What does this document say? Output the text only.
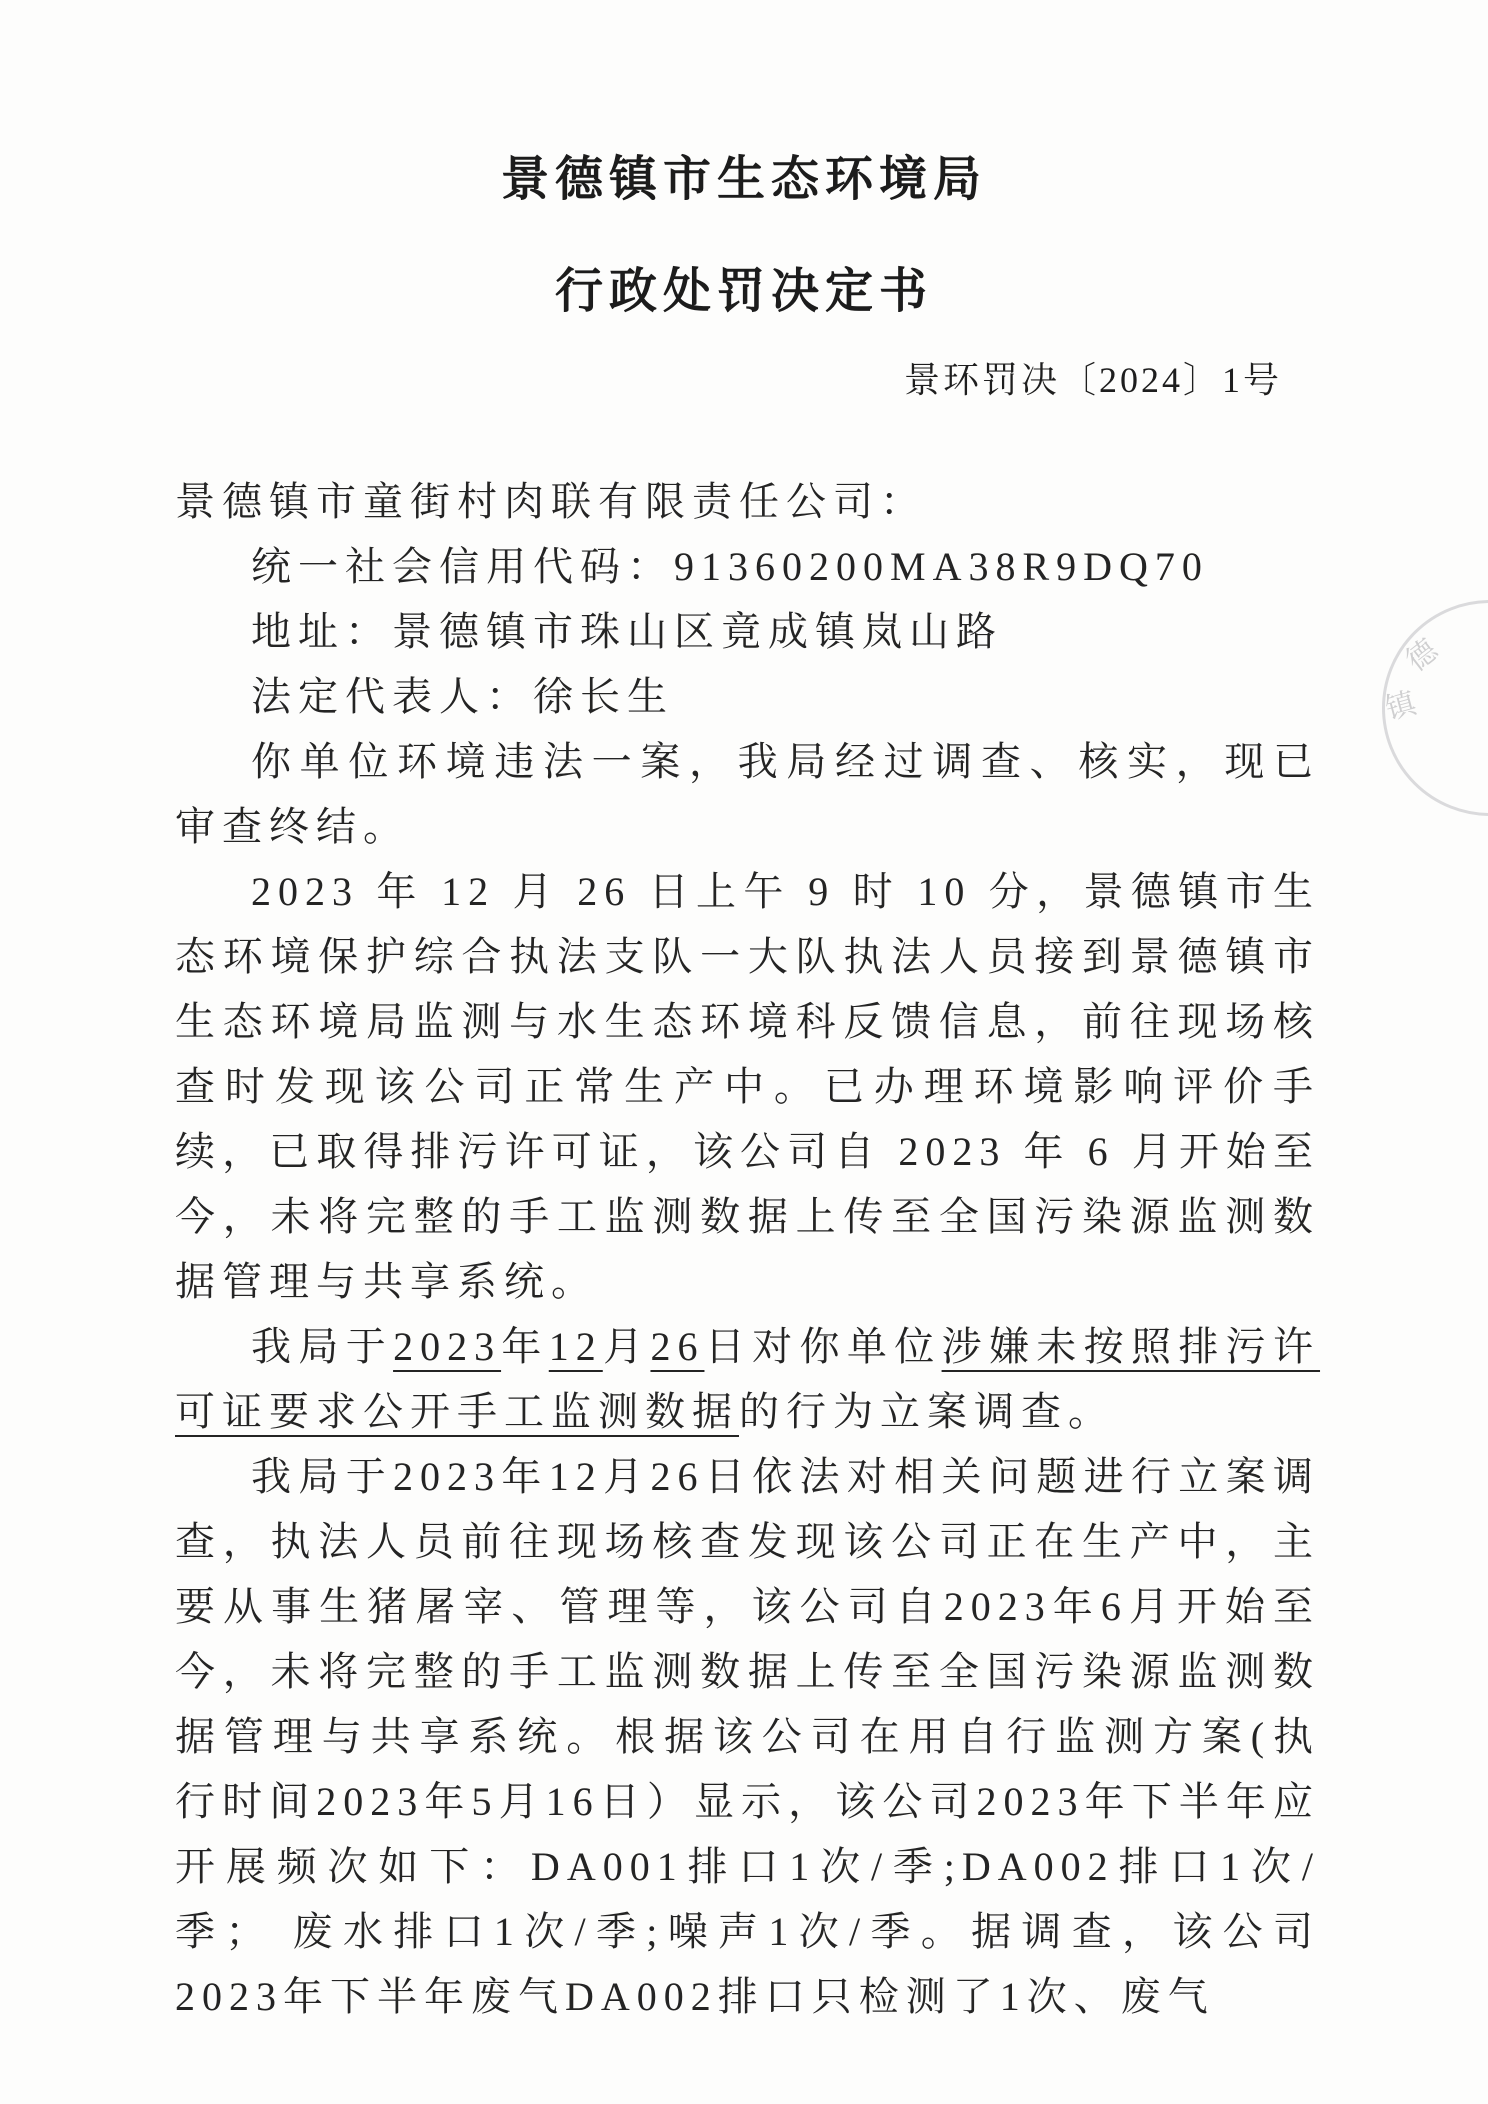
景德镇市生态环境局
行政处罚决定书
景环罚决〔2024〕1号

景德镇市童街村肉联有限责任公司：

统一社会信用代码：91360200MA38R9DQ70

地址：景德镇市珠山区竟成镇岚山路

法定代表人：徐长生

你单位环境违法一案，我局经过调查、核实，现已审查终结。

2023 年 12 月 26 日上午 9 时 10 分，景德镇市生态环境保护综合执法支队一大队执法人员接到景德镇市生态环境局监测与水生态环境科反馈信息，前往现场核查时发现该公司正常生产中。已办理环境影响评价手续，已取得排污许可证，该公司自 2023 年 6 月开始至今，未将完整的手工监测数据上传至全国污染源监测数据管理与共享系统。

我局于2023年12月26日对你单位涉嫌未按照排污许可证要求公开手工监测数据的行为立案调查。

我局于2023年12月26日依法对相关问题进行立案调查，执法人员前往现场核查发现该公司正在生产中，主要从事生猪屠宰、管理等，该公司自2023年6月开始至今，未将完整的手工监测数据上传至全国污染源监测数据管理与共享系统。根据该公司在用自行监测方案(执行时间2023年5月16日）显示，该公司2023年下半年应开展频次如下：DA001排口1次/季;DA002排口1次/季； 废水排口1次/季;噪声1次/季。据调查，该公司2023年下半年废气DA002排口只检测了1次、废气

德
镇
